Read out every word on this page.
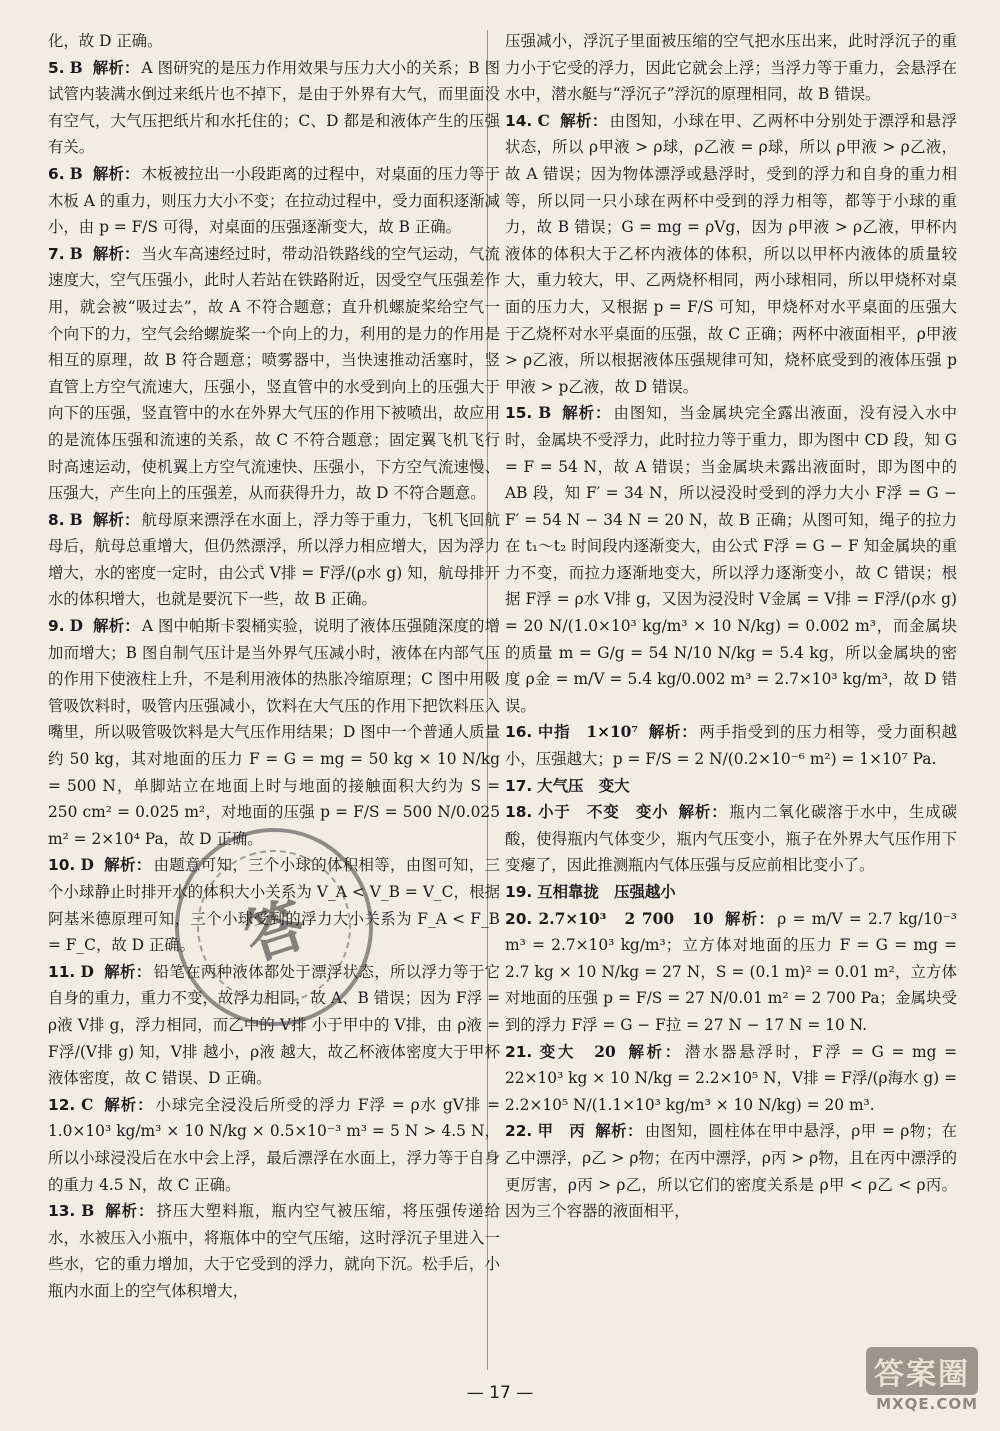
化，故 D 正确。

5. B 解析： A 图研究的是压力作用效果与压力大小的关系；B 图试管内装满水倒过来纸片也不掉下，是由于外界有大气，而里面没有空气，大气压把纸片和水托住的；C、D 都是和液体产生的压强有关。

6. B 解析： 木板被拉出一小段距离的过程中，对桌面的压力等于木板 A 的重力，则压力大小不变；在拉动过程中，受力面积逐渐减小，由 p = F/S 可得，对桌面的压强逐渐变大，故 B 正确。

7. B 解析： 当火车高速经过时，带动沿铁路线的空气运动，气流速度大，空气压强小，此时人若站在铁路附近，因受空气压强差作用，就会被“吸过去”，故 A 不符合题意；直升机螺旋桨给空气一个向下的力，空气会给螺旋桨一个向上的力，利用的是力的作用是相互的原理，故 B 符合题意；喷雾器中，当快速推动活塞时，竖直管上方空气流速大，压强小，竖直管中的水受到向上的压强大于向下的压强，竖直管中的水在外界大气压的作用下被喷出，故应用的是流体压强和流速的关系，故 C 不符合题意；固定翼飞机飞行时高速运动，使机翼上方空气流速快、压强小，下方空气流速慢、压强大，产生向上的压强差，从而获得升力，故 D 不符合题意。

8. B 解析： 航母原来漂浮在水面上，浮力等于重力，飞机飞回航母后，航母总重增大，但仍然漂浮，所以浮力相应增大，因为浮力增大，水的密度一定时，由公式 V排 = F浮/(ρ水 g) 知，航母排开水的体积增大，也就是要沉下一些，故 B 正确。

9. D 解析： A 图中帕斯卡裂桶实验，说明了液体压强随深度的增加而增大；B 图自制气压计是当外界气压减小时，液体在内部气压的作用下使液柱上升，不是利用液体的热胀冷缩原理；C 图中用吸管吸饮料时，吸管内压强减小，饮料在大气压的作用下把饮料压入嘴里，所以吸管吸饮料是大气压作用结果；D 图中一个普通人质量约 50 kg，其对地面的压力 F = G = mg = 50 kg × 10 N/kg = 500 N，单脚站立在地面上时与地面的接触面积大约为 S = 250 cm² = 0.025 m²，对地面的压强 p = F/S = 500 N/0.025 m² = 2×10⁴ Pa，故 D 正确。

10. D 解析： 由题意可知，三个小球的体积相等，由图可知，三个小球静止时排开水的体积大小关系为 V_A < V_B = V_C，根据阿基米德原理可知，三个小球受到的浮力大小关系为 F_A < F_B = F_C，故 D 正确。

11. D 解析： 铅笔在两种液体都处于漂浮状态，所以浮力等于它自身的重力，重力不变，故浮力相同，故 A、B 错误；因为 F浮 = ρ液 V排 g，浮力相同，而乙中的 V排 小于甲中的 V排，由 ρ液 = F浮/(V排 g) 知，V排 越小，ρ液 越大，故乙杯液体密度大于甲杯液体密度，故 C 错误、D 正确。

12. C 解析： 小球完全浸没后所受的浮力 F浮 = ρ水 gV排 = 1.0×10³ kg/m³ × 10 N/kg × 0.5×10⁻³ m³ = 5 N > 4.5 N，所以小球浸没后在水中会上浮，最后漂浮在水面上，浮力等于自身的重力 4.5 N，故 C 正确。

13. B 解析： 挤压大塑料瓶，瓶内空气被压缩，将压强传递给水，水被压入小瓶中，将瓶体中的空气压缩，这时浮沉子里进入一些水，它的重力增加，大于它受到的浮力，就向下沉。松手后，小瓶内水面上的空气体积增大，

压强减小，浮沉子里面被压缩的空气把水压出来，此时浮沉子的重力小于它受的浮力，因此它就会上浮；当浮力等于重力，会悬浮在水中，潜水艇与“浮沉子”浮沉的原理相同，故 B 错误。

14. C 解析： 由图知，小球在甲、乙两杯中分别处于漂浮和悬浮状态，所以 ρ甲液 > ρ球，ρ乙液 = ρ球，所以 ρ甲液 > ρ乙液，故 A 错误；因为物体漂浮或悬浮时，受到的浮力和自身的重力相等，所以同一只小球在两杯中受到的浮力相等，都等于小球的重力，故 B 错误；G = mg = ρVg，因为 ρ甲液 > ρ乙液，甲杯内液体的体积大于乙杯内液体的体积，所以以甲杯内液体的质量较大，重力较大，甲、乙两烧杯相同，两小球相同，所以甲烧杯对桌面的压力大，又根据 p = F/S 可知，甲烧杯对水平桌面的压强大于乙烧杯对水平桌面的压强，故 C 正确；两杯中液面相平，ρ甲液 > ρ乙液，所以根据液体压强规律可知，烧杯底受到的液体压强 p甲液 > p乙液，故 D 错误。

15. B 解析： 由图知，当金属块完全露出液面，没有浸入水中时，金属块不受浮力，此时拉力等于重力，即为图中 CD 段，知 G = F = 54 N，故 A 错误；当金属块未露出液面时，即为图中的 AB 段，知 F′ = 34 N，所以浸没时受到的浮力大小 F浮 = G − F′ = 54 N − 34 N = 20 N，故 B 正确；从图可知，绳子的拉力在 t₁～t₂ 时间段内逐渐变大，由公式 F浮 = G − F 知金属块的重力不变，而拉力逐渐地变大，所以浮力逐渐变小，故 C 错误；根据 F浮 = ρ水 V排 g，又因为浸没时 V金属 = V排 = F浮/(ρ水 g) = 20 N/(1.0×10³ kg/m³ × 10 N/kg) = 0.002 m³，而金属块的质量 m = G/g = 54 N/10 N/kg = 5.4 kg，所以金属块的密度 ρ金 = m/V = 5.4 kg/0.002 m³ = 2.7×10³ kg/m³，故 D 错误。

16. 中指　1×10⁷ 解析： 两手指受到的压力相等，受力面积越小，压强越大；p = F/S = 2 N/(0.2×10⁻⁶ m²) = 1×10⁷ Pa.

17. 大气压　变大

18. 小于　不变　变小 解析： 瓶内二氧化碳溶于水中，生成碳酸，使得瓶内气体变少，瓶内气压变小，瓶子在外界大气压作用下变瘪了，因此推测瓶内气体压强与反应前相比变小了。

19. 互相靠拢　压强越小

20. 2.7×10³　2 700　10 解析： ρ = m/V = 2.7 kg/10⁻³ m³ = 2.7×10³ kg/m³；立方体对地面的压力 F = G = mg = 2.7 kg × 10 N/kg = 27 N，S = (0.1 m)² = 0.01 m²，立方体对地面的压强 p = F/S = 27 N/0.01 m² = 2 700 Pa；金属块受到的浮力 F浮 = G − F拉 = 27 N − 17 N = 10 N.

21. 变大　20 解析： 潜水器悬浮时，F浮 = G = mg = 22×10³ kg × 10 N/kg = 2.2×10⁵ N，V排 = F浮/(ρ海水 g) = 2.2×10⁵ N/(1.1×10³ kg/m³ × 10 N/kg) = 20 m³.

22. 甲　丙 解析： 由图知，圆柱体在甲中悬浮，ρ甲 = ρ物；在乙中漂浮，ρ乙 > ρ物；在丙中漂浮，ρ丙 > ρ物，且在丙中漂浮的更厉害，ρ丙 > ρ乙，所以它们的密度关系是 ρ甲 < ρ乙 < ρ丙。因为三个容器的液面相平，

答
— 17 —
答案圈
MXQE.COM
